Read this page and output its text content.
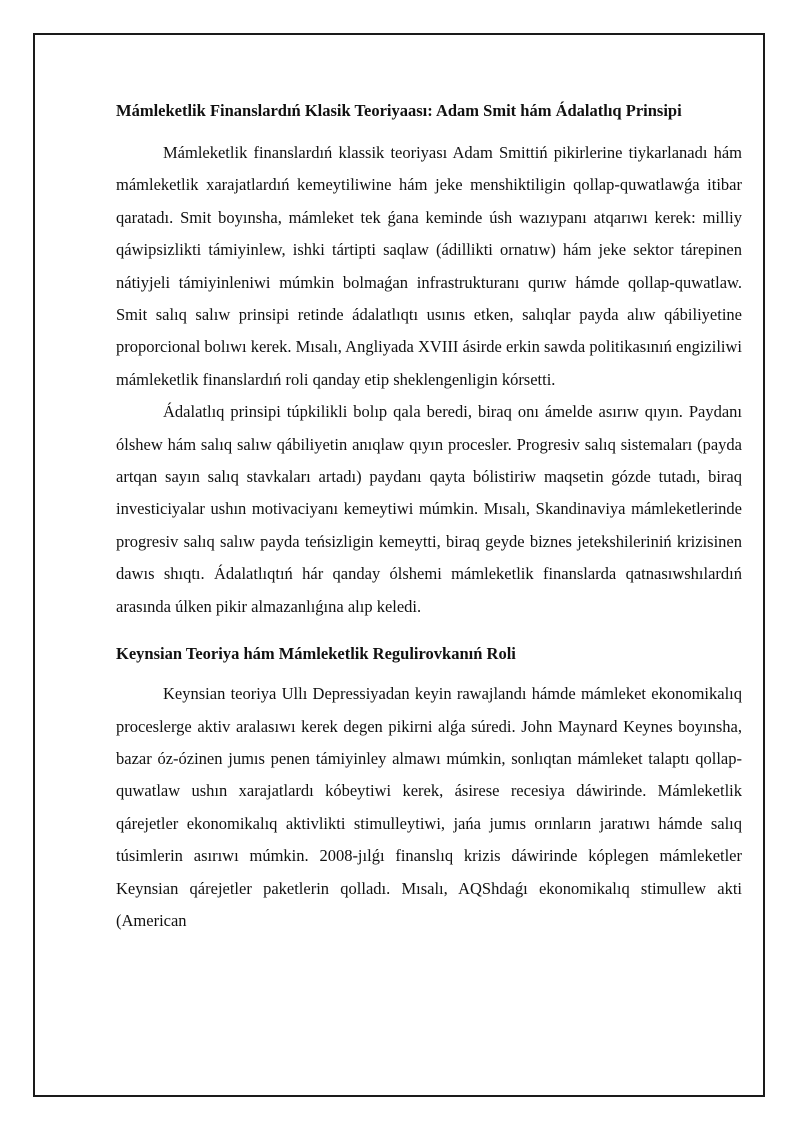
Mámleketlik Finanslardıń Klasik Teoriyaası: Adam Smit hám Ádalatlıq Prinsipi

Mámleketlik finanslardıń klassik teoriyası Adam Smittiń pikirlerine tiykarlanadı hám mámleketlik xarajatlardıń kemeytiliwine hám jeke menshiktiligin qollap-quwatlawǵa itibar qaratadı. Smit boyınsha, mámleket tek ǵana keminde úsh wazıypanı atqarıwı kerek: milliy qáwipsizlikti támiyinlew, ishki tártipti saqlaw (ádillikti ornatıw) hám jeke sektor tárepinen nátiyjeli támiyinleniwi múmkin bolmaǵan infrastrukturanı qurıw hámde qollap-quwatlaw. Smit salıq salıw prinsipi retinde ádalatlıqtı usınıs etken, salıqlar payda alıw qábiliyetine proporcional bolıwı kerek. Mısalı, Angliyada XVIII ásirde erkin sawda politikasınıń engiziliwi mámleketlik finanslardıń roli qanday etip sheklengenligin kórsetti.

Ádalatlıq prinsipi túpkilikli bolıp qala beredi, biraq onı ámelde asırıw qıyın. Paydanı ólshew hám salıq salıw qábiliyetin anıqlaw qıyın procesler. Progresiv salıq sistemaları (payda artqan sayın salıq stavkaları artadı) paydanı qayta bólistiriw maqsetin gózde tutadı, biraq investiciyalar ushın motivaciyanı kemeytiwi múmkin. Mısalı, Skandinaviya mámleketlerinde progresiv salıq salıw payda teńsizligin kemeytti, biraq geyde biznes jetekshileriniń krizisinen dawıs shıqtı. Ádalatlıqtıń hár qanday ólshemi mámleketlik finanslarda qatnasıwshılardıń arasında úlken pikir almazanlıǵına alıp keledi.

Keynsian Teoriya hám Mámleketlik Regulirovkanıń Roli

Keynsian teoriya Ullı Depressiyadan keyin rawajlandı hámde mámleket ekonomikalıq proceslerge aktiv aralasıwı kerek degen pikirni alǵa súredi. John Maynard Keynes boyınsha, bazar óz-ózinen jumıs penen támiyinley almawı múmkin, sonlıqtan mámleket talaptı qollap-quwatlaw ushın xarajatlardı kóbeytiwi kerek, ásirese recesiya dáwirinde. Mámleketlik qárejetler ekonomikalıq aktivlikti stimulleytiwi, jańa jumıs orınların jaratıwı hámde salıq túsimlerin asırıwı múmkin. 2008-jılǵı finanslıq krizis dáwirinde kóplegen mámleketler Keynsian qárejetler paketlerin qolladı. Mısalı, AQShdaǵı ekonomikalıq stimullew akti (American
